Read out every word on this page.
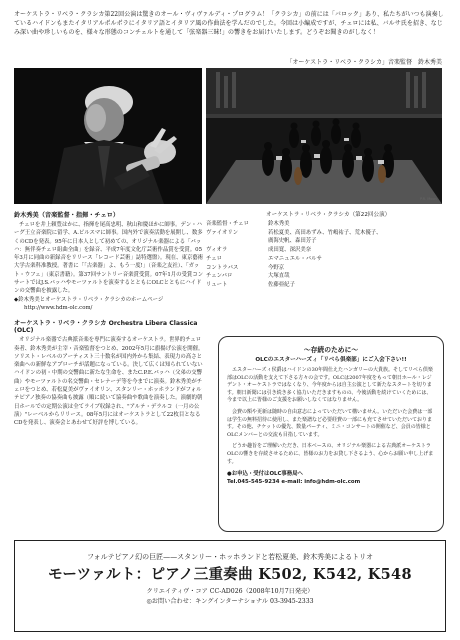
オーケストラ・リベラ・クラシカ第22回公演は驚きのオール・ヴィヴァルディ・プログラム！「クラシカ」の前には「バロック」あり、私たちがいつも演奏しているハイドンもまたイタリアルポルポラにイタリア語とイタリア風の作曲法を学んだのでした。今回は小編成ですが、チェロには私、バルサ氏を招き、なじみ深い曲や珍しいものを、様々な形態のコンチェルトを通して「弦楽器三昧!」の響きをお届けいたします。どうぞお聞きのがしなく！

「オーケストラ・リベラ・クラシカ」音楽監督　鈴木秀美
P.R. Moon
鈴木秀美（音楽監督・指揮・チェロ）

チェロを井上頼豊はかに、指揮を尾高忠明、秋山和慶ほかに師事。デン・ハーグ王立音楽院に留学、A.ビルスマに師事。国内外で演奏活動を展開し、数多くのCDを発表。95年に日本人として初めての、オリジナル楽器による「バッハ：無伴奏チェロ組曲全曲」を録音、平成7年度文化庁芸術作品賞を受賞。05年3月に同曲の新録音をリリース「レコード芸術」誌特選盤）。現在、東京藝術大学古楽科准教授。著書に「「古楽器」よ、もう一度!」（音楽之友社）、「ガット・ウフェ」（東京書籍）。第37回サントリー音楽賞受賞。07年1月の受賞コンサートではJ.S.バッハやモーツァルトを演奏するとともにOLCとともにハイドンの交響曲を披露した。

◆鈴木秀美とオーケストラ・リベラ・クラシカのホームページ

http://www.hdm-olc.com/

オーケストラ・リベラ・クラシカ Orchestra Libera Classica (OLC)

オリジナル楽器で古典派音楽を専門に演奏するオーケストラ。世界的チェロ奏者、鈴木秀美が主宰・音楽監督をつとめ、2002年5月に旗揚げ公演を開催。ソリスト・レベルのアーティスト三十数名が国内外から集結、表現力の高さと楽曲への新鮮なアプローチが話題になっている。決して広くは知られていないハイドンの初・中期の交響曲に新たな生命を、またC.P.E.バッハ（父弟の交響曲）やモーツァルトの名交響曲・セレナーデ等を今までに演奏。鈴木秀美がチェロをつとめ、若松夏美がヴァイオリン、スタンリー・ホッホランドがフォルテピアノ独奏の協奏曲も披露（順に続いて協奏曲や歌曲を演奏した。演劇的朝日ホールでの定期公演は全てライブ収録され、"アルテ・デラルコ（一月の公演）"レーベルからリリース。08年5月にはオーケストラとして22枚目となるCDを発表し、演奏会とあわせて好評を博している。

オーケストラ・リベラ・クラシカ（第22回公演）
音楽監督・チェロ	鈴木秀美
ヴァイオリン	若松夏美、高田あずみ、竹嶋祐子、荒木優子、
廣海史帆、森田芳子
ヴィオラ	成田寛、深沢美奈
チェロ	エマニュエル・バルサ
コントラバス	今野京
チェンバロ	大塚直哉
リュート	佐藤亜紀子
〜存続のために〜
OLCのエスターハーズィ「リベら倶楽部」にご入会下さい!!

エスターハーズィ侯爵はハイドンの30年間仕えたハンガリーの大貴族。そしてリベら倶楽部はOLCの活動を支えて下さる方々の会です。OLCは2007年度をもって朝日ホール・レジデント・オーケストラではなくなり、今年度からは自主公演として新たなスタートを切ります。朝日新聞には引き続き多く協力いただきますものの、今後活動を続けていくためには、今まで以上に皆様のご支援をお願いしなくてはなりません。

会費の額や更新は随時の自由意志によっていただいて構いません。いただいた会費は一部は学生の無料招待に使用し、また楽譜など必要経費の一部にも充てさせていただいております。その他、チケットの優先、数量パーティ、ミニ・コンサートの開催など、会員の皆様とOLCメンバーとの交流も目指しています。

どうか趣旨をご理解いただき、日本ベースの、オリジナル楽器による古典派オーケストラOLCの響きを存続させるために、皆様のお力をお貸し下さるよう、心からお願い申し上げます。

●お申込・受付はOLC事務局へ
Tel.045-545-9234 e-mail: info@hdm-olc.com
フォルテピアノ幻の巨匠——スタンリー・ホッホランドと若松夏美、鈴木秀美によるトリオ
モーツァルト：ピアノ三重奏曲 K502, K542, K548
クリエイティヴ・コア CC-AD026（2008年10月7日発売）
◎お問い合わせ：キングインターナショナル 03-3945-2333
